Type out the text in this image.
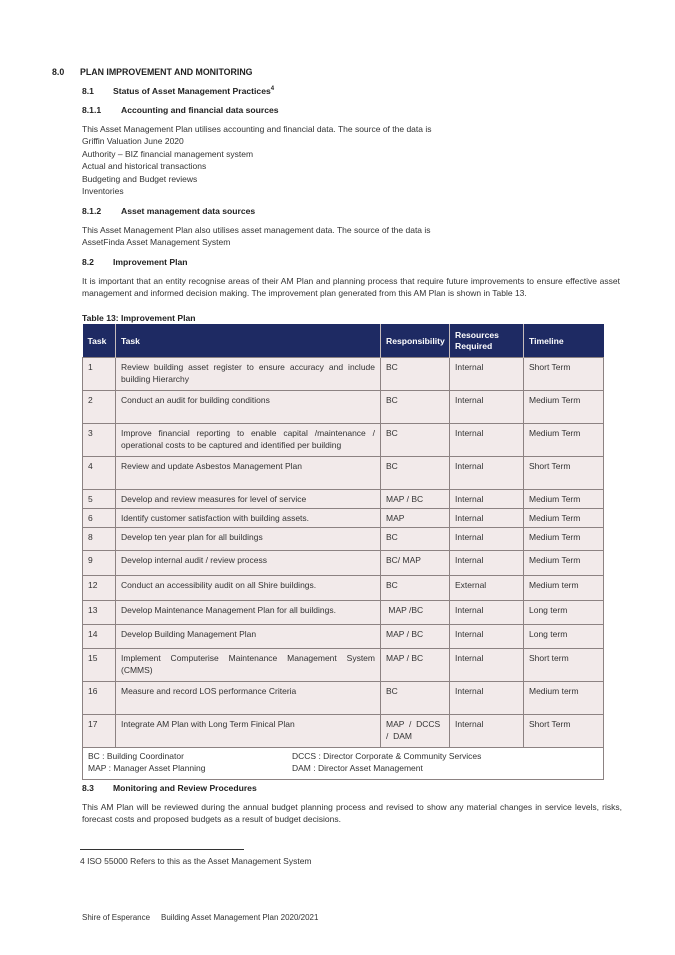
8.0 PLAN IMPROVEMENT AND MONITORING
8.1 Status of Asset Management Practices$^4$
8.1.1 Accounting and financial data sources
This Asset Management Plan utilises accounting and financial data. The source of the data is
Griffin Valuation June 2020
Authority – BIZ financial management system
Actual and historical transactions
Budgeting and Budget reviews
Inventories
8.1.2 Asset management data sources
This Asset Management Plan also utilises asset management data. The source of the data is
AssetFinda Asset Management System
8.2 Improvement Plan
It is important that an entity recognise areas of their AM Plan and planning process that require future improvements to ensure effective asset management and informed decision making. The improvement plan generated from this AM Plan is shown in Table 13.
Table 13: Improvement Plan
Task	Task	Responsibility	Resources Required	Timeline
1	Review building asset register to ensure accuracy and include building Hierarchy	BC	Internal	Short Term
2	Conduct an audit for building conditions	BC	Internal	Medium Term
3	Improve financial reporting to enable capital /maintenance / operational costs to be captured and identified per building	BC	Internal	Medium Term
4	Review and update Asbestos Management Plan	BC	Internal	Short Term
5	Develop and review measures for level of service	MAP / BC	Internal	Medium Term
6	Identify customer satisfaction with building assets.	MAP	Internal	Medium Term
8	Develop ten year plan for all buildings	BC	Internal	Medium Term
9	Develop internal audit / review process	BC/ MAP	Internal	Medium Term
12	Conduct an accessibility audit on all Shire buildings.	BC	External	Medium term
13	Develop Maintenance Management Plan for all buildings.	MAP /BC	Internal	Long term
14	Develop Building Management Plan	MAP / BC	Internal	Long term
15	Implement Computerise Maintenance Management System (CMMS)	MAP / BC	Internal	Short term
16	Measure and record LOS performance Criteria	BC	Internal	Medium term
17	Integrate AM Plan with Long Term Finical Plan	MAP  /  DCCS  /  DAM	Internal	Short Term

BC : Building Coordinator DCCS : Director Corporate & Community Services
MAP : Manager Asset Planning DAM : Director Asset Management				
8.3 Monitoring and Review Procedures
This AM Plan will be reviewed during the annual budget planning process and revised to show any material changes in service levels, risks, forecast costs and proposed budgets as a result of budget decisions.
4 ISO 55000 Refers to this as the Asset Management System
Shire of Esperance Building Asset Management Plan 2020/2021
